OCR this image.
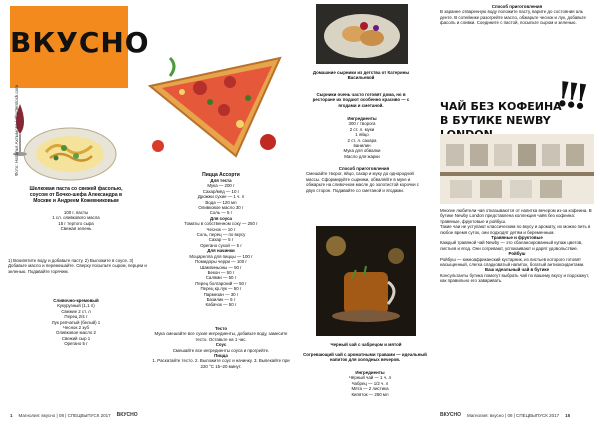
ВКУСНО
Фото: Наталья Ахтымова / Shutterstock.com
Шелковая паста со свежей фасолью, соусом от Бочко-шефа Александра в Москве и Андреем Кожевниковым
100 г. пасты
1 сл. оливкового масла
15 г тертого сыра
Свежая зелень
1) Вскипятите воду и добавьте пасту. 2) Выложите в соусе. 3) Добавьте масло и перемешайте. Сверху посыпьте сыром, перцем и зеленью. Подавайте горячим.
Сливочно-кремовый
Кукурузный (1,1 л)
Свежие 2 ст. л
Перец 2/4 г
Лук репчатый (белый) 1
Чеснок 2 зуб
Оливковое масло 2
Свежий сыр 1
Орегано 5 г
Пицца Ассорти
Для теста
Мука — 200 г
Сахар/мёд — 10 г
Дрожжи сухие — 1 ч. л
Вода — 120 мл
Оливковое масло 30 г
Соль — 5 г
Для соуса
Томаты в собственном соку — 250 г
Чеснок — 10 г
Соль, перец — по вкусу
Сахар — 5 г
Орегано сухой — 5 г
Для начинки
Моцарелла для пиццы — 100 г
Помидоры черри — 100 г
Шампиньоны — 50 г
Бекон — 50 г
Салями — 50 г
Перец болгарский — 50 г
Перец кр.лук — 50 г
Пармезан — 30 г
Базилик — 5 г
Кабачок — 50 г
Тесто
Мука смешайте все сухие ингредиенты, добавьте воду, замесите тесто. Оставьте на 1 час.
Соус
Смешайте все ингредиенты соуса и прогрейте.
Пицца
1. Раскатайте тесто. 2. Выложите соус и начинку. 3. Выпекайте при 220 °С 15–20 минут.
1 Магнолия: вкусно | 08 | СПЕЦВЫПУСК 2017 ВКУСНО
Домашние сырники из детства от Катерины Васильевой
Сырники очень часто готовят дома, но в ресторане их подают особенно красиво — с ягодами и сметаной.
Ингредиенты
300 г творога
2 ст. л. муки
1 яйцо
2 ст. л. сахара
ванилин
Мука для обвалки
Масло для жарки
Способ приготовления
Смешайте творог, яйцо, сахар и муку до однородной массы. Сформируйте сырники, обваляйте в муке и обжарьте на сливочном масле до золотистой корочки с двух сторон. Подавайте со сметаной и ягодами.
Черный чай с чабрецом и мятой
Согревающий чай с ароматными травами — идеальный напиток для холодных вечеров.
Ингредиенты
Чёрный чай — 1 ч. л
Чабрец — 1/2 ч. л
Мята — 2 листика
Кипяток — 250 мл
Способ приготовления
В заранее отваренную воду положите пасту, варите до состояния аль денте. В сотейнике разогрейте масло, обжарьте чеснок и лук, добавьте фасоль и сливки. Соедините с пастой, посыпьте сыром и зеленью.
ЧАЙ БЕЗ КОФЕИНА В БУТИКЕ NEWBY
!!!
Многие любители чая отказываются от напитка вечером из-за кофеина. В бутике Newby London представлена коллекция чаёв без кофеина: травяные, фруктовые и ройбуш.
Такие чаи не уступают классическим по вкусу и аромату, их можно пить в любое время суток, они подходят детям и беременным.
Травяные и фруктовые
Каждый травяной чай Newby — это сбалансированный купаж цветов, листьев и ягод. Они согревают, успокаивают и дарят удовольствие.
Ройбуш
Ройбуш — южноафриканский кустарник, из листьев которого готовят насыщенный, слегка сладковатый напиток, богатый антиоксидантами.
Ваш идеальный чай в бутике
Консультанты бутика помогут выбрать чай по вашему вкусу и подскажут, как правильно его заваривать.
ВКУСНО Магнолия: вкусно | 08 | СПЕЦВЫПУСК 2017 15
